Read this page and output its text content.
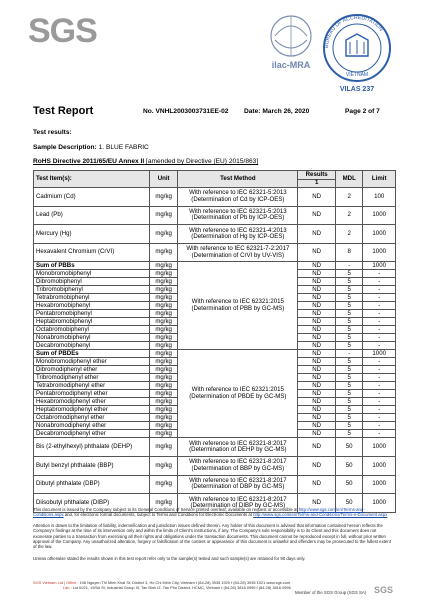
SGS
ilac-MRA
BUREAU OF ACCREDITATION
VIETNAM
VILAS 237
Test Report	No. VNHL2003003731EE-02 Date: March 26, 2020	Page 2 of 7
Test results:
Sample Description: 1. BLUE FABRIC
RoHS Directive 2011/65/EU Annex II [amended by Directive (EU) 2015/863]
Test Item(s):	Unit	Test Method	Results	MDL	Limit
			1		
Cadmium (Cd)	mg/kg	With reference to IEC 62321-5:2013
(Determination of Cd by ICP-OES)	ND	2	100
Lead (Pb)	mg/kg	With reference to IEC 62321-5:2013
(Determination of Pb by ICP-OES)	ND	2	1000
Mercury (Hg)	mg/kg	With reference to IEC 62321-4:2013
(Determination of Hg by ICP-OES)	ND	2	1000
Hexavalent Chromium (CrVI)	mg/kg	With reference to IEC 62321-7-2:2017
(Determination of CrVI by UV-VIS)	ND	8	1000
Sum of PBBs	mg/kg	With reference to IEC 62321:2015
(Determination of PBB by GC-MS)	ND	-	1000
Monobromobiphenyl	mg/kg		ND	5	-
Dibromobiphenyl	mg/kg		ND	5	-
Tribromobiphenyl	mg/kg		ND	5	-
Tetrabromobiphenyl	mg/kg		ND	5	-
Hexabromobiphenyl	mg/kg		ND	5	-
Pentabromobiphenyl	mg/kg		ND	5	-
Heptabromobiphenyl	mg/kg		ND	5	-
Octabromobiphenyl	mg/kg		ND	5	-
Nonabromobiphenyl	mg/kg		ND	5	-
Decabromobiphenyl	mg/kg		ND	5	-
Sum of PBDEs	mg/kg	With reference to IEC 62321:2015
(Determination of PBDE by GC-MS)	ND	-	1000
Monobromodiphenyl ether	mg/kg		ND	5	-
Dibromodiphenyl ether	mg/kg		ND	5	-
Tribromodiphenyl ether	mg/kg		ND	5	-
Tetrabromodiphenyl ether	mg/kg		ND	5	-
Pentabromodiphenyl ether	mg/kg		ND	5	-
Hexabromodiphenyl ether	mg/kg		ND	5	-
Heptabromodiphenyl ether	mg/kg		ND	5	-
Octabromodiphenyl ether	mg/kg		ND	5	-
Nonabromodiphenyl ether	mg/kg		ND	5	-
Decabromodiphenyl ether	mg/kg		ND	5	-
Bis (2-ethylhexyl) phthalate (DEHP)	mg/kg	With reference to IEC 62321-8:2017
(Determination of DEHP by GC-MS)	ND	50	1000
Butyl benzyl phthalate (BBP)	mg/kg	With reference to IEC 62321-8:2017
(Determination of BBP by GC-MS)	ND	50	1000
Dibutyl phthalate (DBP)	mg/kg	With reference to IEC 62321-8:2017
(Determination of DBP by GC-MS)	ND	50	1000
Diisobutyl phthalate (DIBP)	mg/kg	With reference to IEC 62321-8:2017
(Determination of DIBP by GC-MS)	ND	50	1000
This document is issued by the Company subject to its General Conditions of Service printed overleaf, available on request or accessible at http://www.sgs.com/en/Terms-and-Conditions.aspx and, for electronic format documents, subject to Terms and Conditions for Electronic Documents at http://www.sgs.com/en/Terms-and-Conditions/Terms-e-Document.aspx
Attention is drawn to the limitation of liability, indemnification and jurisdiction issues defined therein. Any holder of this document is advised that information contained hereon reflects the Company's findings at the time of its intervention only and within the limits of Client's instructions, if any. The Company's sole responsibility is to its Client and this document does not exonerate parties to a transaction from exercising all their rights and obligations under the transaction documents. This document cannot be reproduced except in full, without prior written approval of the Company. Any unauthorized alteration, forgery or falsification of the content or appearance of this document is unlawful and offenders may be prosecuted to the fullest extent of the law.
Unless otherwise stated the results shown in this test report refer only to the sample(s) tested and such sample(s) are retained for 90 days only.
SGS Vietnam Ltd | Office : 198 Nguyen Thi Minh Khai St, District 3, Ho Chi Minh City, Vietnam t (84-28) 3935 1920 f (84-28) 3935 1921 www.sgs.com
Lab : Lot III/21, 19/5A St, Industrial Group III, Tan Binh IZ, Tan Phu District, HCMC, Vietnam t (84-28) 3816 0999 f (84-28) 3816 0996
Member of the SGS Group (SGS SA) SGS
